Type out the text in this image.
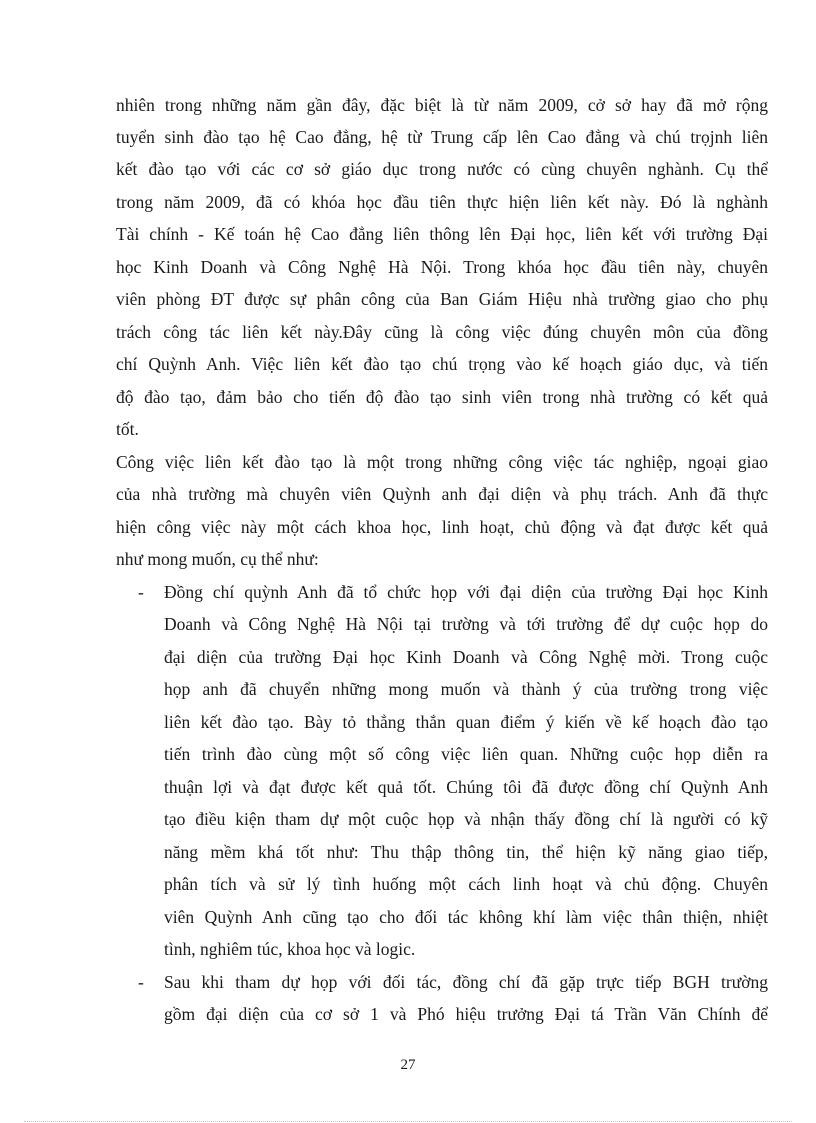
nhiên trong những năm gần đây, đặc biệt là từ năm 2009, cở sở hay đã mở rộng
tuyển sinh đào tạo hệ Cao đẳng, hệ từ Trung cấp lên Cao đẳng và chú trọjnh liên
kết đào tạo với các cơ sở giáo dục trong nước có cùng chuyên nghành. Cụ thể
trong năm 2009, đã có khóa học đầu tiên thực hiện liên kết này. Đó là nghành
Tài chính - Kế toán hệ Cao đẳng liên thông lên Đại học, liên kết với trường Đại
học Kinh Doanh và Công Nghệ Hà Nội. Trong khóa học đầu tiên này, chuyên
viên phòng ĐT được sự phân công của Ban Giám Hiệu nhà trường giao cho phụ
trách công tác liên kết này.Đây cũng là công việc đúng chuyên môn của đồng
chí Quỳnh Anh. Việc liên kết đào tạo chú trọng vào kế hoạch giáo dục, và tiến
độ đào tạo, đảm bảo cho tiến độ đào tạo sinh viên trong nhà trường có kết quả
tốt.
Công việc liên kết đào tạo là một trong những công việc tác nghiệp, ngoại giao
của nhà trường mà chuyên viên Quỳnh anh đại diện và phụ trách. Anh đã thực
hiện công việc này một cách khoa học, linh hoạt, chủ động và đạt được kết quả
như mong muốn, cụ thể như:
-	Đồng chí quỳnh Anh đã tổ chức họp với đại diện của trường Đại học Kinh
Doanh và Công Nghệ Hà Nội tại trường và tới trường để dự cuộc họp do
đại diện của trường Đại học Kinh Doanh và Công Nghệ mời. Trong cuộc
họp anh đã chuyển những mong muốn và thành ý của trường trong việc
liên kết đào tạo. Bày tỏ thẳng thắn quan điểm ý kiến về kế hoạch đào tạo
tiến trình đào cùng một số công việc liên quan. Những cuộc họp diễn ra
thuận lợi và đạt được kết quả tốt. Chúng tôi đã được đồng chí Quỳnh Anh
tạo điều kiện tham dự một cuộc họp và nhận thấy đồng chí là người có kỹ
năng mềm khá tốt như: Thu thập thông tin, thể hiện kỹ năng giao tiếp,
phân tích và sử lý tình huống một cách linh hoạt và chủ động. Chuyên
viên Quỳnh Anh cũng tạo cho đối tác không khí làm việc thân thiện, nhiệt
tình, nghiêm túc, khoa học và logic.
-	Sau khi tham dự họp với đối tác, đồng chí đã gặp trực tiếp BGH trường
gồm đại diện của cơ sở 1 và Phó hiệu trưởng Đại tá Trần Văn Chính để
27
